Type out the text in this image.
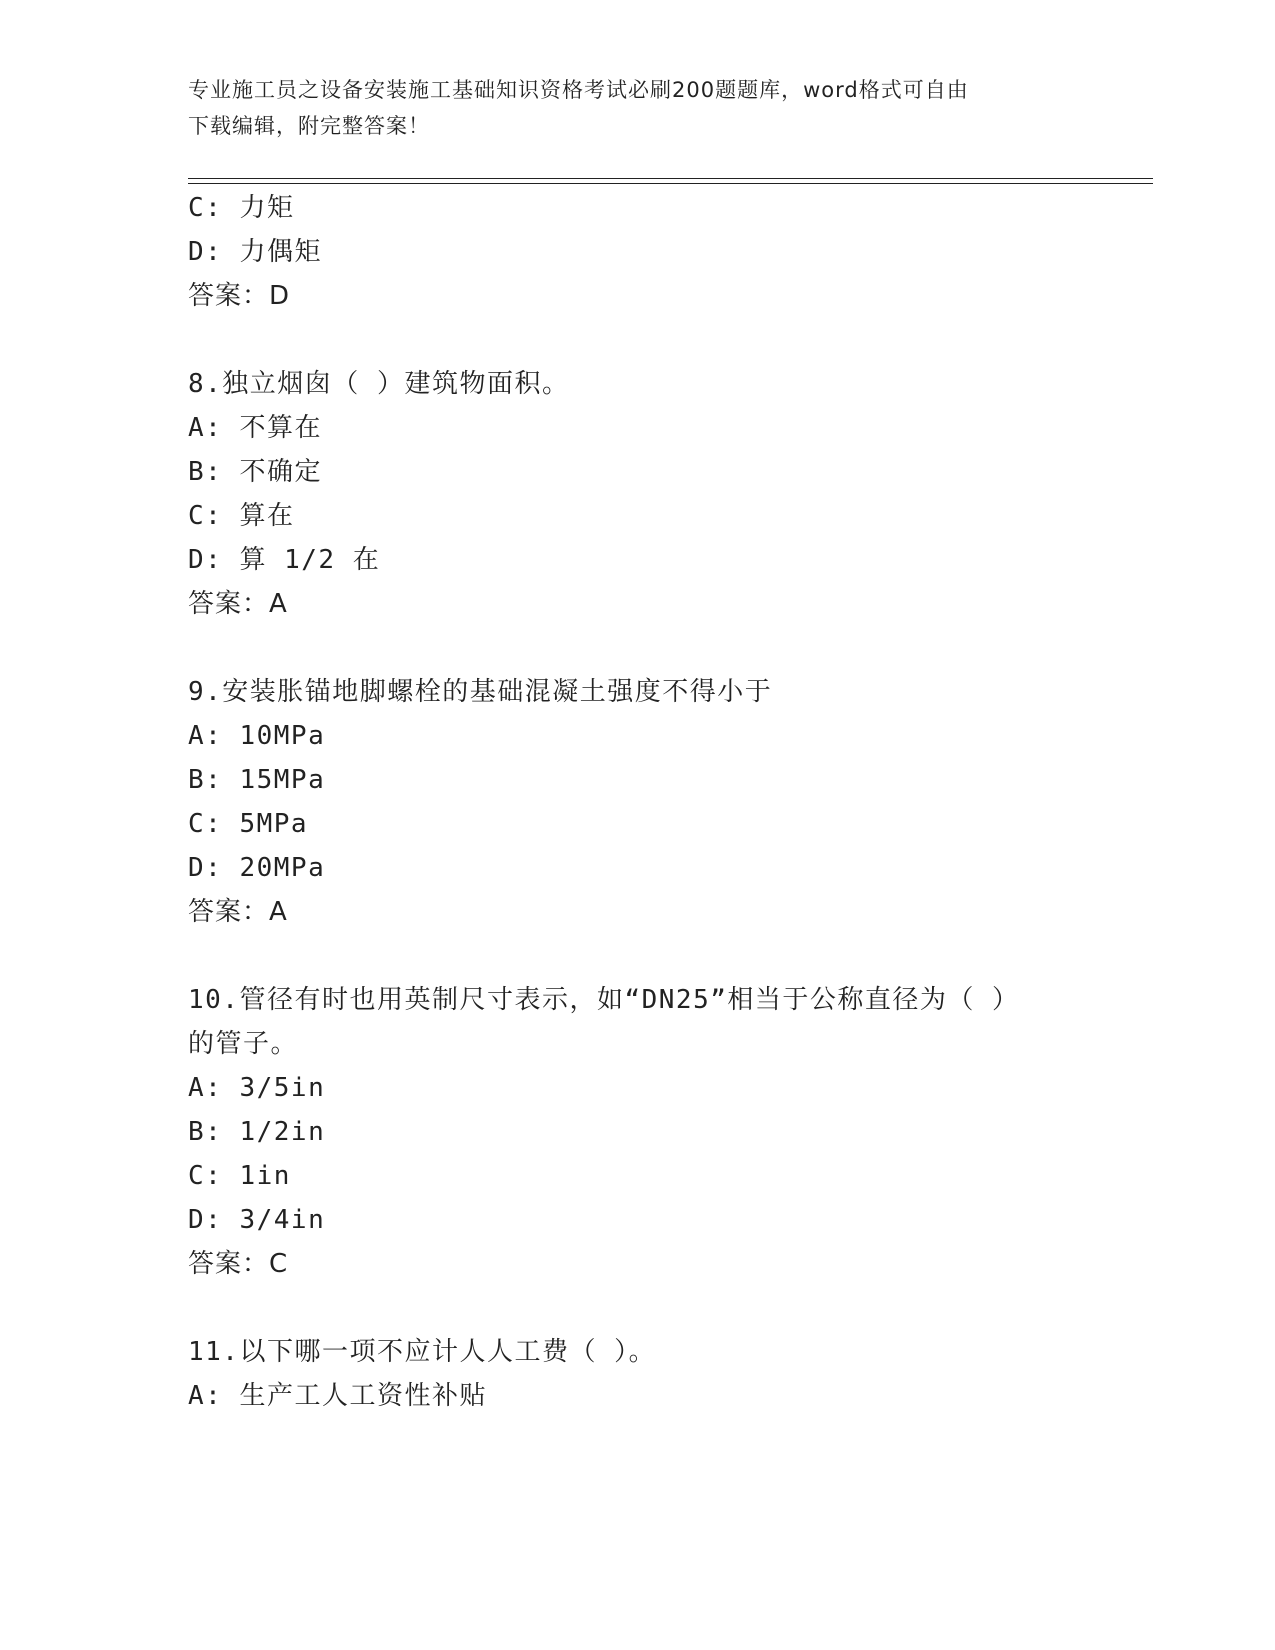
专业施工员之设备安装施工基础知识资格考试必刷200题题库，word格式可自由
下载编辑，附完整答案！
C: 力矩
D: 力偶矩
答案：D
8.独立烟囱（ ）建筑物面积。
A: 不算在
B: 不确定
C: 算在
D: 算 1/2 在
答案：A
9.安装胀锚地脚螺栓的基础混凝土强度不得小于
A: 10MPa
B: 15MPa
C: 5MPa
D: 20MPa
答案：A
10.管径有时也用英制尺寸表示，如“DN25”相当于公称直径为（ ）
的管子。
A: 3/5in
B: 1/2in
C: 1in
D: 3/4in
答案：C
11.以下哪一项不应计人人工费（ ）。
A: 生产工人工资性补贴
